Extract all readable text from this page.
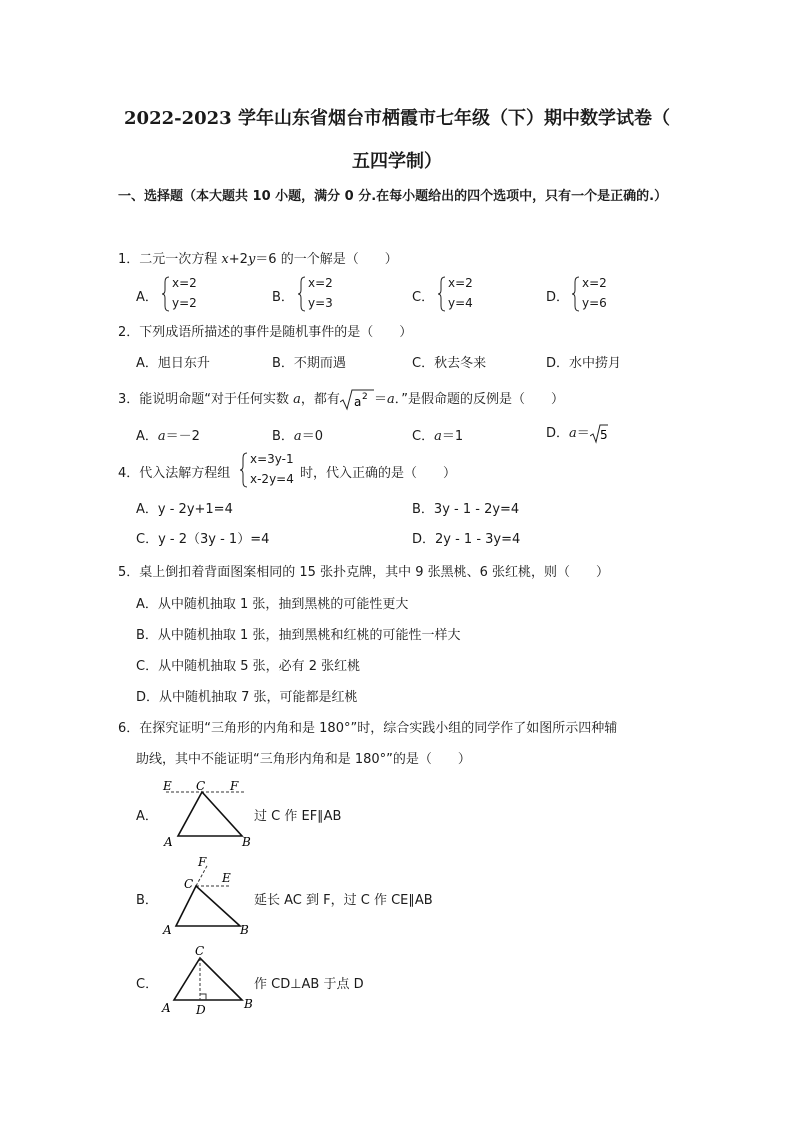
2022-2023 学年山东省烟台市栖霞市七年级（下）期中数学试卷（
五四学制）
一、选择题（本大题共 10 小题，满分 0 分.在每小题给出的四个选项中，只有一个是正确的.）
1．二元一次方程 x+2y＝6 的一个解是（　　）
A．
x=2
y=2	B．
x=2
y=3	C．
x=2
y=4	D．
x=2
y=6
2．下列成语所描述的事件是随机事件的是（　　）
A．旭日东升	B．不期而遇	C．秋去冬来	D．水中捞月
3．能说明命题“对于任何实数 a，都有 a 2 ＝a．”是假命题的反例是（　　）
A．a＝－2	B．a＝0	C．a＝1	D．a＝ 5
4．代入法解方程组
x=3y-1
x-2y=4 时，代入正确的是（　　）
A．y - 2y+1=4	B．3y - 1 - 2y=4
C．y - 2（3y - 1）=4	D．2y - 1 - 3y=4
5．桌上倒扣着背面图案相同的 15 张扑克牌，其中 9 张黑桃、6 张红桃，则（　　）
A．从中随机抽取 1 张，抽到黑桃的可能性更大
B．从中随机抽取 1 张，抽到黑桃和红桃的可能性一样大
C．从中随机抽取 5 张，必有 2 张红桃
D．从中随机抽取 7 张，可能都是红桃
6．在探究证明“三角形的内角和是 180°”时，综合实践小组的同学作了如图所示四种辅
助线，其中不能证明“三角形内角和是 180°”的是（　　）
A．
E C F
A	B
过 C 作 EF∥AB
B．
F
C E
A	B
延长 AC 到 F，过 C 作 CE∥AB
C．
C
A D	B
作 CD⊥AB 于点 D
